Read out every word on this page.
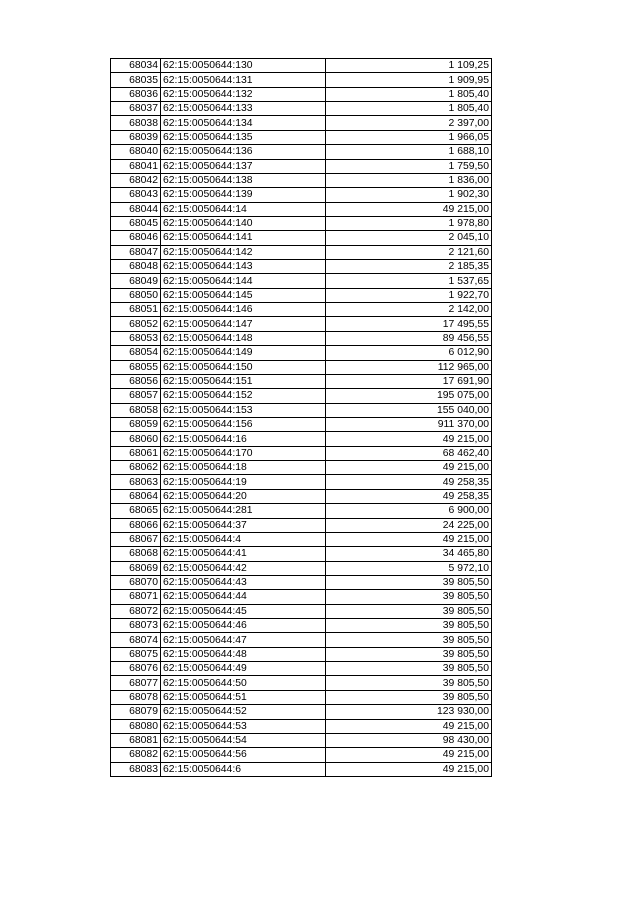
68034	62:15:0050644:130	1 109,25
68035	62:15:0050644:131	1 909,95
68036	62:15:0050644:132	1 805,40
68037	62:15:0050644:133	1 805,40
68038	62:15:0050644:134	2 397,00
68039	62:15:0050644:135	1 966,05
68040	62:15:0050644:136	1 688,10
68041	62:15:0050644:137	1 759,50
68042	62:15:0050644:138	1 836,00
68043	62:15:0050644:139	1 902,30
68044	62:15:0050644:14	49 215,00
68045	62:15:0050644:140	1 978,80
68046	62:15:0050644:141	2 045,10
68047	62:15:0050644:142	2 121,60
68048	62:15:0050644:143	2 185,35
68049	62:15:0050644:144	1 537,65
68050	62:15:0050644:145	1 922,70
68051	62:15:0050644:146	2 142,00
68052	62:15:0050644:147	17 495,55
68053	62:15:0050644:148	89 456,55
68054	62:15:0050644:149	6 012,90
68055	62:15:0050644:150	112 965,00
68056	62:15:0050644:151	17 691,90
68057	62:15:0050644:152	195 075,00
68058	62:15:0050644:153	155 040,00
68059	62:15:0050644:156	911 370,00
68060	62:15:0050644:16	49 215,00
68061	62:15:0050644:170	68 462,40
68062	62:15:0050644:18	49 215,00
68063	62:15:0050644:19	49 258,35
68064	62:15:0050644:20	49 258,35
68065	62:15:0050644:281	6 900,00
68066	62:15:0050644:37	24 225,00
68067	62:15:0050644:4	49 215,00
68068	62:15:0050644:41	34 465,80
68069	62:15:0050644:42	5 972,10
68070	62:15:0050644:43	39 805,50
68071	62:15:0050644:44	39 805,50
68072	62:15:0050644:45	39 805,50
68073	62:15:0050644:46	39 805,50
68074	62:15:0050644:47	39 805,50
68075	62:15:0050644:48	39 805,50
68076	62:15:0050644:49	39 805,50
68077	62:15:0050644:50	39 805,50
68078	62:15:0050644:51	39 805,50
68079	62:15:0050644:52	123 930,00
68080	62:15:0050644:53	49 215,00
68081	62:15:0050644:54	98 430,00
68082	62:15:0050644:56	49 215,00
68083	62:15:0050644:6	49 215,00
